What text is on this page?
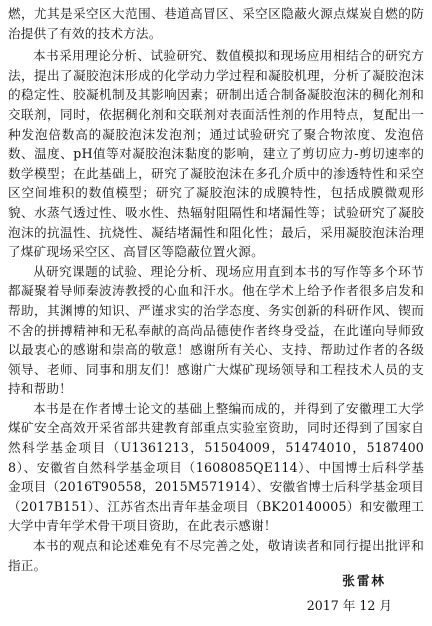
燃，尤其是采空区大范围、巷道高冒区、采空区隐蔽火源点煤炭自燃的防治提供了有效的技术方法。

本书采用理论分析、试验研究、数值模拟和现场应用相结合的研究方法，提出了凝胶泡沫形成的化学动力学过程和凝胶机理，分析了凝胶泡沫的稳定性、胶凝机制及其影响因素；研制出适合制备凝胶泡沫的稠化剂和交联剂，同时，依据稠化剂和交联剂对表面活性剂的作用特点，复配出一种发泡倍数高的凝胶泡沫发泡剂；通过试验研究了聚合物浓度、发泡倍数、温度、pH值等对凝胶泡沫黏度的影响，建立了剪切应力-剪切速率的数学模型；在此基础上，研究了凝胶泡沫在多孔介质中的渗透特性和采空区空间堆积的数值模型；研究了凝胶泡沫的成膜特性，包括成膜微观形貌、水蒸气透过性、吸水性、热辐射阻隔性和堵漏性等；试验研究了凝胶泡沫的抗温性、抗烧性、凝结堵漏性和阻化性；最后，采用凝胶泡沫治理了煤矿现场采空区、高冒区等隐蔽位置火源。

从研究课题的试验、理论分析、现场应用直到本书的写作等多个环节都凝聚着导师秦波涛教授的心血和汗水。他在学术上给予作者很多启发和帮助，其渊博的知识、严谨求实的治学态度、务实创新的科研作风、锲而不舍的拼搏精神和无私奉献的高尚品德使作者终身受益，在此谨向导师致以最衷心的感谢和崇高的敬意！感谢所有关心、支持、帮助过作者的各级领导、老师、同事和朋友们！感谢广大煤矿现场领导和工程技术人员的支持和帮助！

本书是在作者博士论文的基础上整编而成的，并得到了安徽理工大学煤矿安全高效开采省部共建教育部重点实验室资助，同时还得到了国家自然科学基金项目（U1361213，51504009，51474010，51874008）、安徽省自然科学基金项目（1608085QE114）、中国博士后科学基金项目（2016T90558，2015M571914）、安徽省博士后科学基金项目（2017B151）、江苏省杰出青年基金项目（BK20140005）和安徽理工大学中青年学术骨干项目资助，在此表示感谢！

本书的观点和论述难免有不尽完善之处，敬请读者和同行提出批评和指正。

张雷林
2017 年 12 月
